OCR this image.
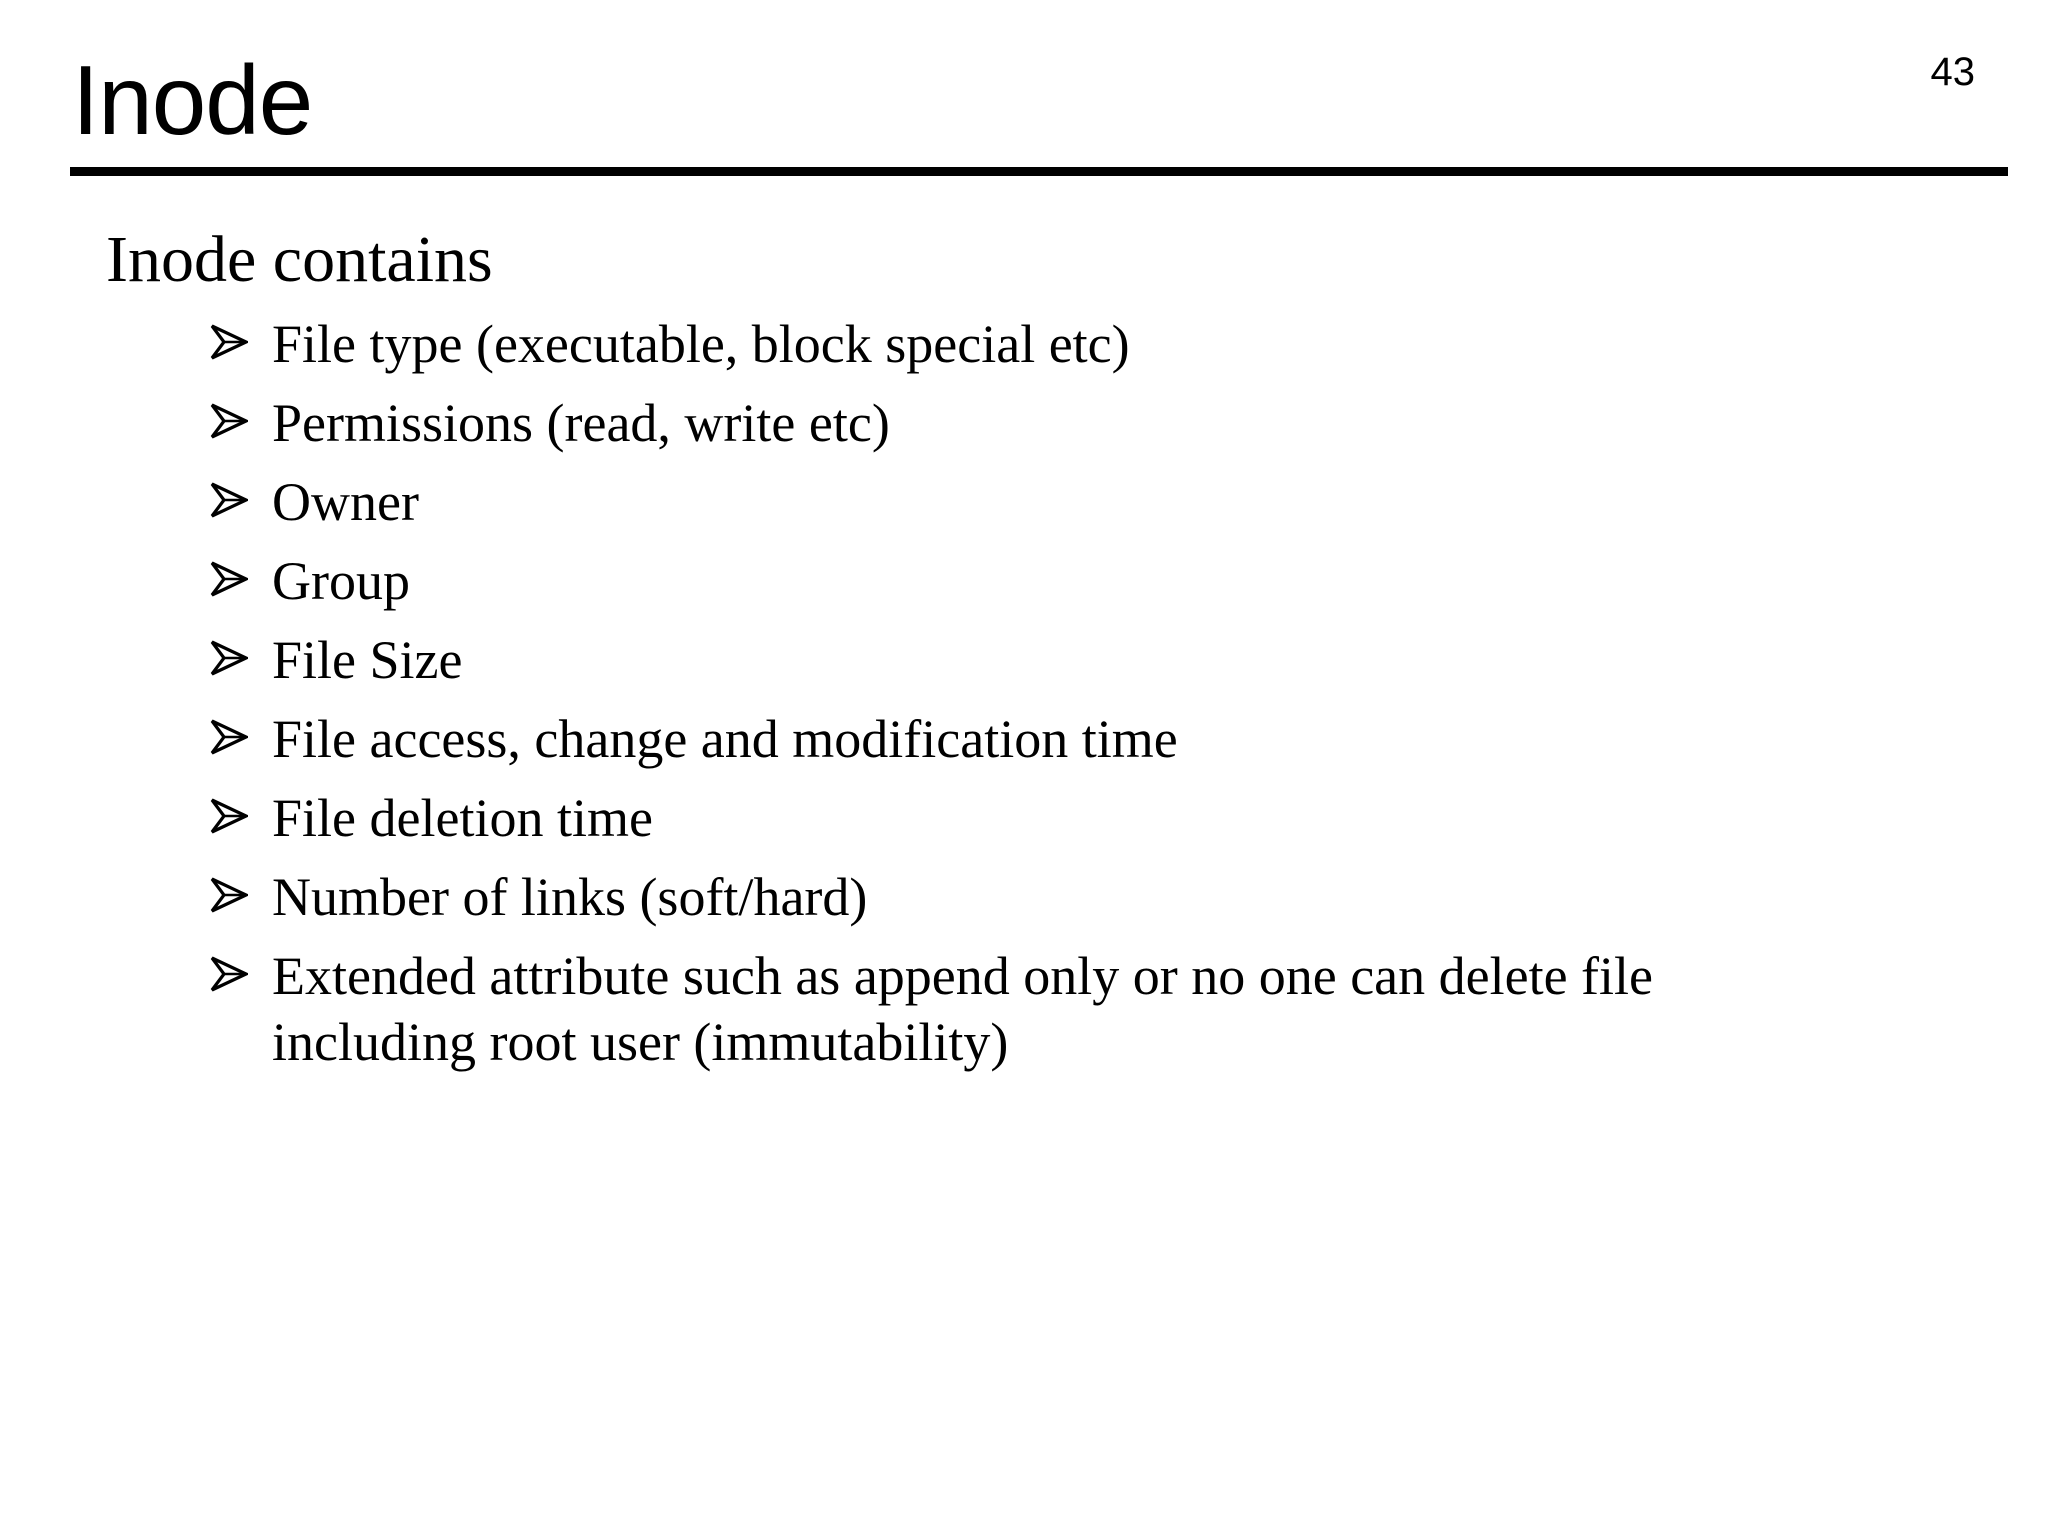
Inode	43

Inode contains

File type (executable, block special etc)
Permissions (read, write etc)
Owner
Group
File Size
File access, change and modification time
File deletion time
Number of links (soft/hard)
Extended attribute such as append only or no one can delete file including root user (immutability)
